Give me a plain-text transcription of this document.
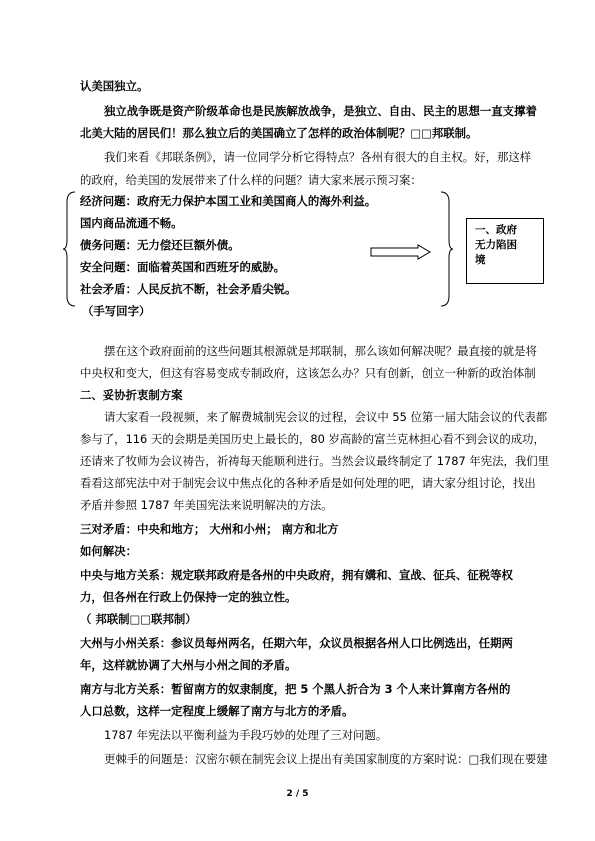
认美国独立。
独立战争既是资产阶级革命也是民族解放战争，是独立、自由、民主的思想一直支撑着
北美大陆的居民们！那么独立后的美国确立了怎样的政治体制呢？□□邦联制。
我们来看《邦联条例》，请一位同学分析它得特点？各州有很大的自主权。好，那这样
的政府，给美国的发展带来了什么样的问题？请大家来展示预习案：
经济问题：政府无力保护本国工业和美国商人的海外利益。
国内商品流通不畅。
债务问题：无力偿还巨额外债。
安全问题：面临着英国和西班牙的威胁。
社会矛盾：人民反抗不断，社会矛盾尖锐。
（手写回字）
一、政府
无力陷困
境
摆在这个政府面前的这些问题其根源就是邦联制，那么该如何解决呢？最直接的就是将
中央权和变大，但这有容易变成专制政府，这该怎么办？只有创新，创立一种新的政治体制
二、妥协折衷制方案
请大家看一段视频，来了解费城制宪会议的过程，会议中 55 位第一届大陆会议的代表都
参与了，116 天的会期是美国历史上最长的，80 岁高龄的富兰克林担心看不到会议的成功，
还请来了牧师为会议祷告，祈祷每天能顺利进行。当然会议最终制定了 1787 年宪法，我们里
看看这部宪法中对于制宪会议中焦点化的各种矛盾是如何处理的吧，请大家分组讨论，找出
矛盾并参照 1787 年美国宪法来说明解决的方法。
三对矛盾：中央和地方； 大州和小州； 南方和北方
如何解决：
中央与地方关系：规定联邦政府是各州的中央政府，拥有媾和、宣战、征兵、征税等权
力，但各州在行政上仍保持一定的独立性。
（ 邦联制□□联邦制）
大州与小州关系：参议员每州两名，任期六年，众议员根据各州人口比例选出，任期两
年，这样就协调了大州与小州之间的矛盾。
南方与北方关系：暂留南方的奴隶制度，把 5 个黑人折合为 3 个人来计算南方各州的
人口总数，这样一定程度上缓解了南方与北方的矛盾。
1787 年宪法以平衡利益为手段巧妙的处理了三对问题。
更棘手的问题是：汉密尔顿在制宪会议上提出有美国家制度的方案时说：□我们现在要建
2 / 5
